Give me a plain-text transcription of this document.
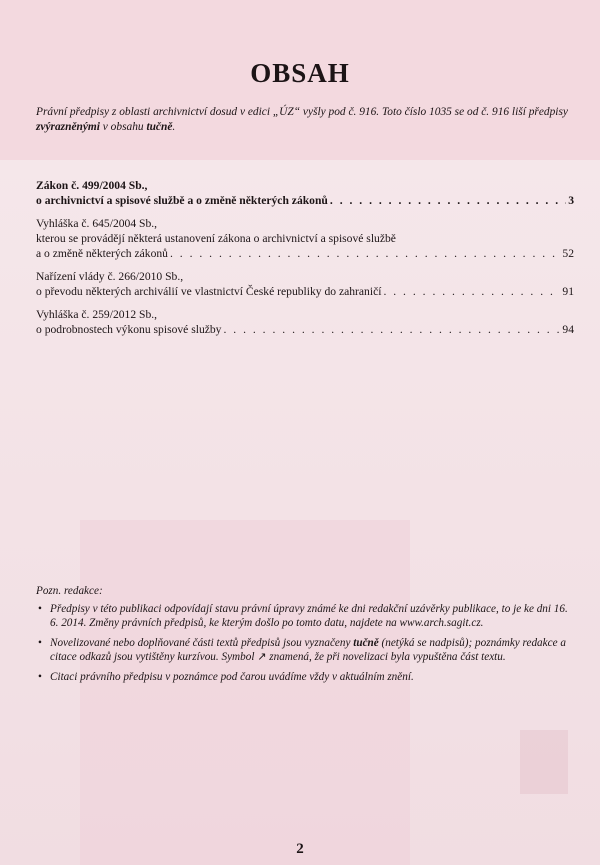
OBSAH

Právní předpisy z oblasti archivnictví dosud v edici „ÚZ“ vyšly pod č. 916. Toto číslo 1035 se od č. 916 liší předpisy zvýrazněnými v obsahu tučně.

Zákon č. 499/2004 Sb.,
o archivnictví a spisové službě a o změně některých zákonů . . .	3
Vyhláška č. 645/2004 Sb.,
kterou se provádějí některá ustanovení zákona o archivnictví a spisové službě
a o změně některých zákonů . . .	52
Nařízení vlády č. 266/2010 Sb.,
o převodu některých archiválií ve vlastnictví České republiky do zahraničí . . .	91
Vyhláška č. 259/2012 Sb.,
o podrobnostech výkonu spisové služby . . .	94
Pozn. redakce:
• Předpisy v této publikaci odpovídají stavu právní úpravy známé ke dni redakční uzávěrky publikace, to je ke dni 16. 6. 2014. Změny právních předpisů, ke kterým došlo po tomto datu, najdete na www.arch.sagit.cz.
• Novelizované nebo doplňované části textů předpisů jsou vyznačeny tučně (netýká se nadpisů); poznámky redakce a citace odkazů jsou vytištěny kurzívou. Symbol ↗ znamená, že při novelizaci byla vypuštěna část textu.
• Citaci právního předpisu v poznámce pod čarou uvádíme vždy v aktuálním znění.
2
